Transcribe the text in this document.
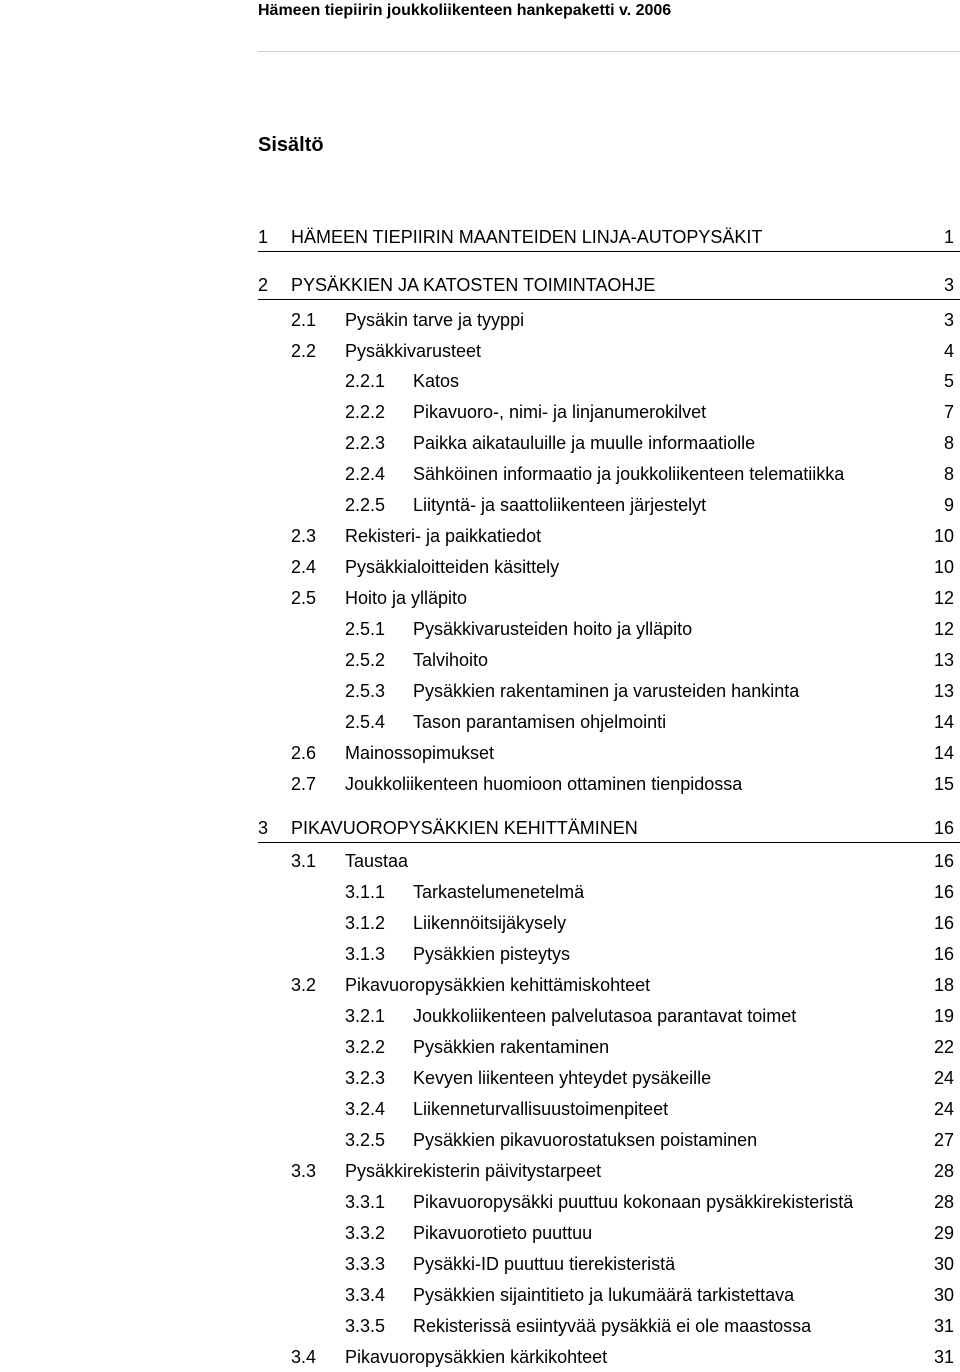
Hämeen tiepiirin joukkoliikenteen hankepaketti v. 2006
Sisältö
1 HÄMEEN TIEPIIRIN MAANTEIDEN LINJA-AUTOPYSÄKIT	1
2 PYSÄKKIEN JA KATOSTEN TOIMINTAOHJE	3
2.1 Pysäkin tarve ja tyyppi	3
2.2 Pysäkkivarusteet	4
2.2.1 Katos	5
2.2.2 Pikavuoro-, nimi- ja linjanumerokilvet	7
2.2.3 Paikka aikatauluille ja muulle informaatiolle	8
2.2.4 Sähköinen informaatio ja joukkoliikenteen telematiikka	8
2.2.5 Liityntä- ja saattoliikenteen järjestelyt	9
2.3 Rekisteri- ja paikkatiedot	10
2.4 Pysäkkialoitteiden käsittely	10
2.5 Hoito ja ylläpito	12
2.5.1 Pysäkkivarusteiden hoito ja ylläpito	12
2.5.2 Talvihoito	13
2.5.3 Pysäkkien rakentaminen ja varusteiden hankinta	13
2.5.4 Tason parantamisen ohjelmointi	14
2.6 Mainossopimukset	14
2.7 Joukkoliikenteen huomioon ottaminen tienpidossa	15
3 PIKAVUOROPYSÄKKIEN KEHITTÄMINEN	16
3.1 Taustaa	16
3.1.1 Tarkastelumenetelmä	16
3.1.2 Liikennöitsijäkysely	16
3.1.3 Pysäkkien pisteytys	16
3.2 Pikavuoropysäkkien kehittämiskohteet	18
3.2.1 Joukkoliikenteen palvelutasoa parantavat toimet	19
3.2.2 Pysäkkien rakentaminen	22
3.2.3 Kevyen liikenteen yhteydet pysäkeille	24
3.2.4 Liikenneturvallisuustoimenpiteet	24
3.2.5 Pysäkkien pikavuorostatuksen poistaminen	27
3.3 Pysäkkirekisterin päivitystarpeet	28
3.3.1 Pikavuoropysäkki puuttuu kokonaan pysäkkirekisteristä	28
3.3.2 Pikavuorotieto puuttuu	29
3.3.3 Pysäkki-ID puuttuu tierekisteristä	30
3.3.4 Pysäkkien sijaintitieto ja lukumäärä tarkistettava	30
3.3.5 Rekisterissä esiintyvää pysäkkiä ei ole maastossa	31
3.4 Pikavuoropysäkkien kärkikohteet	31
